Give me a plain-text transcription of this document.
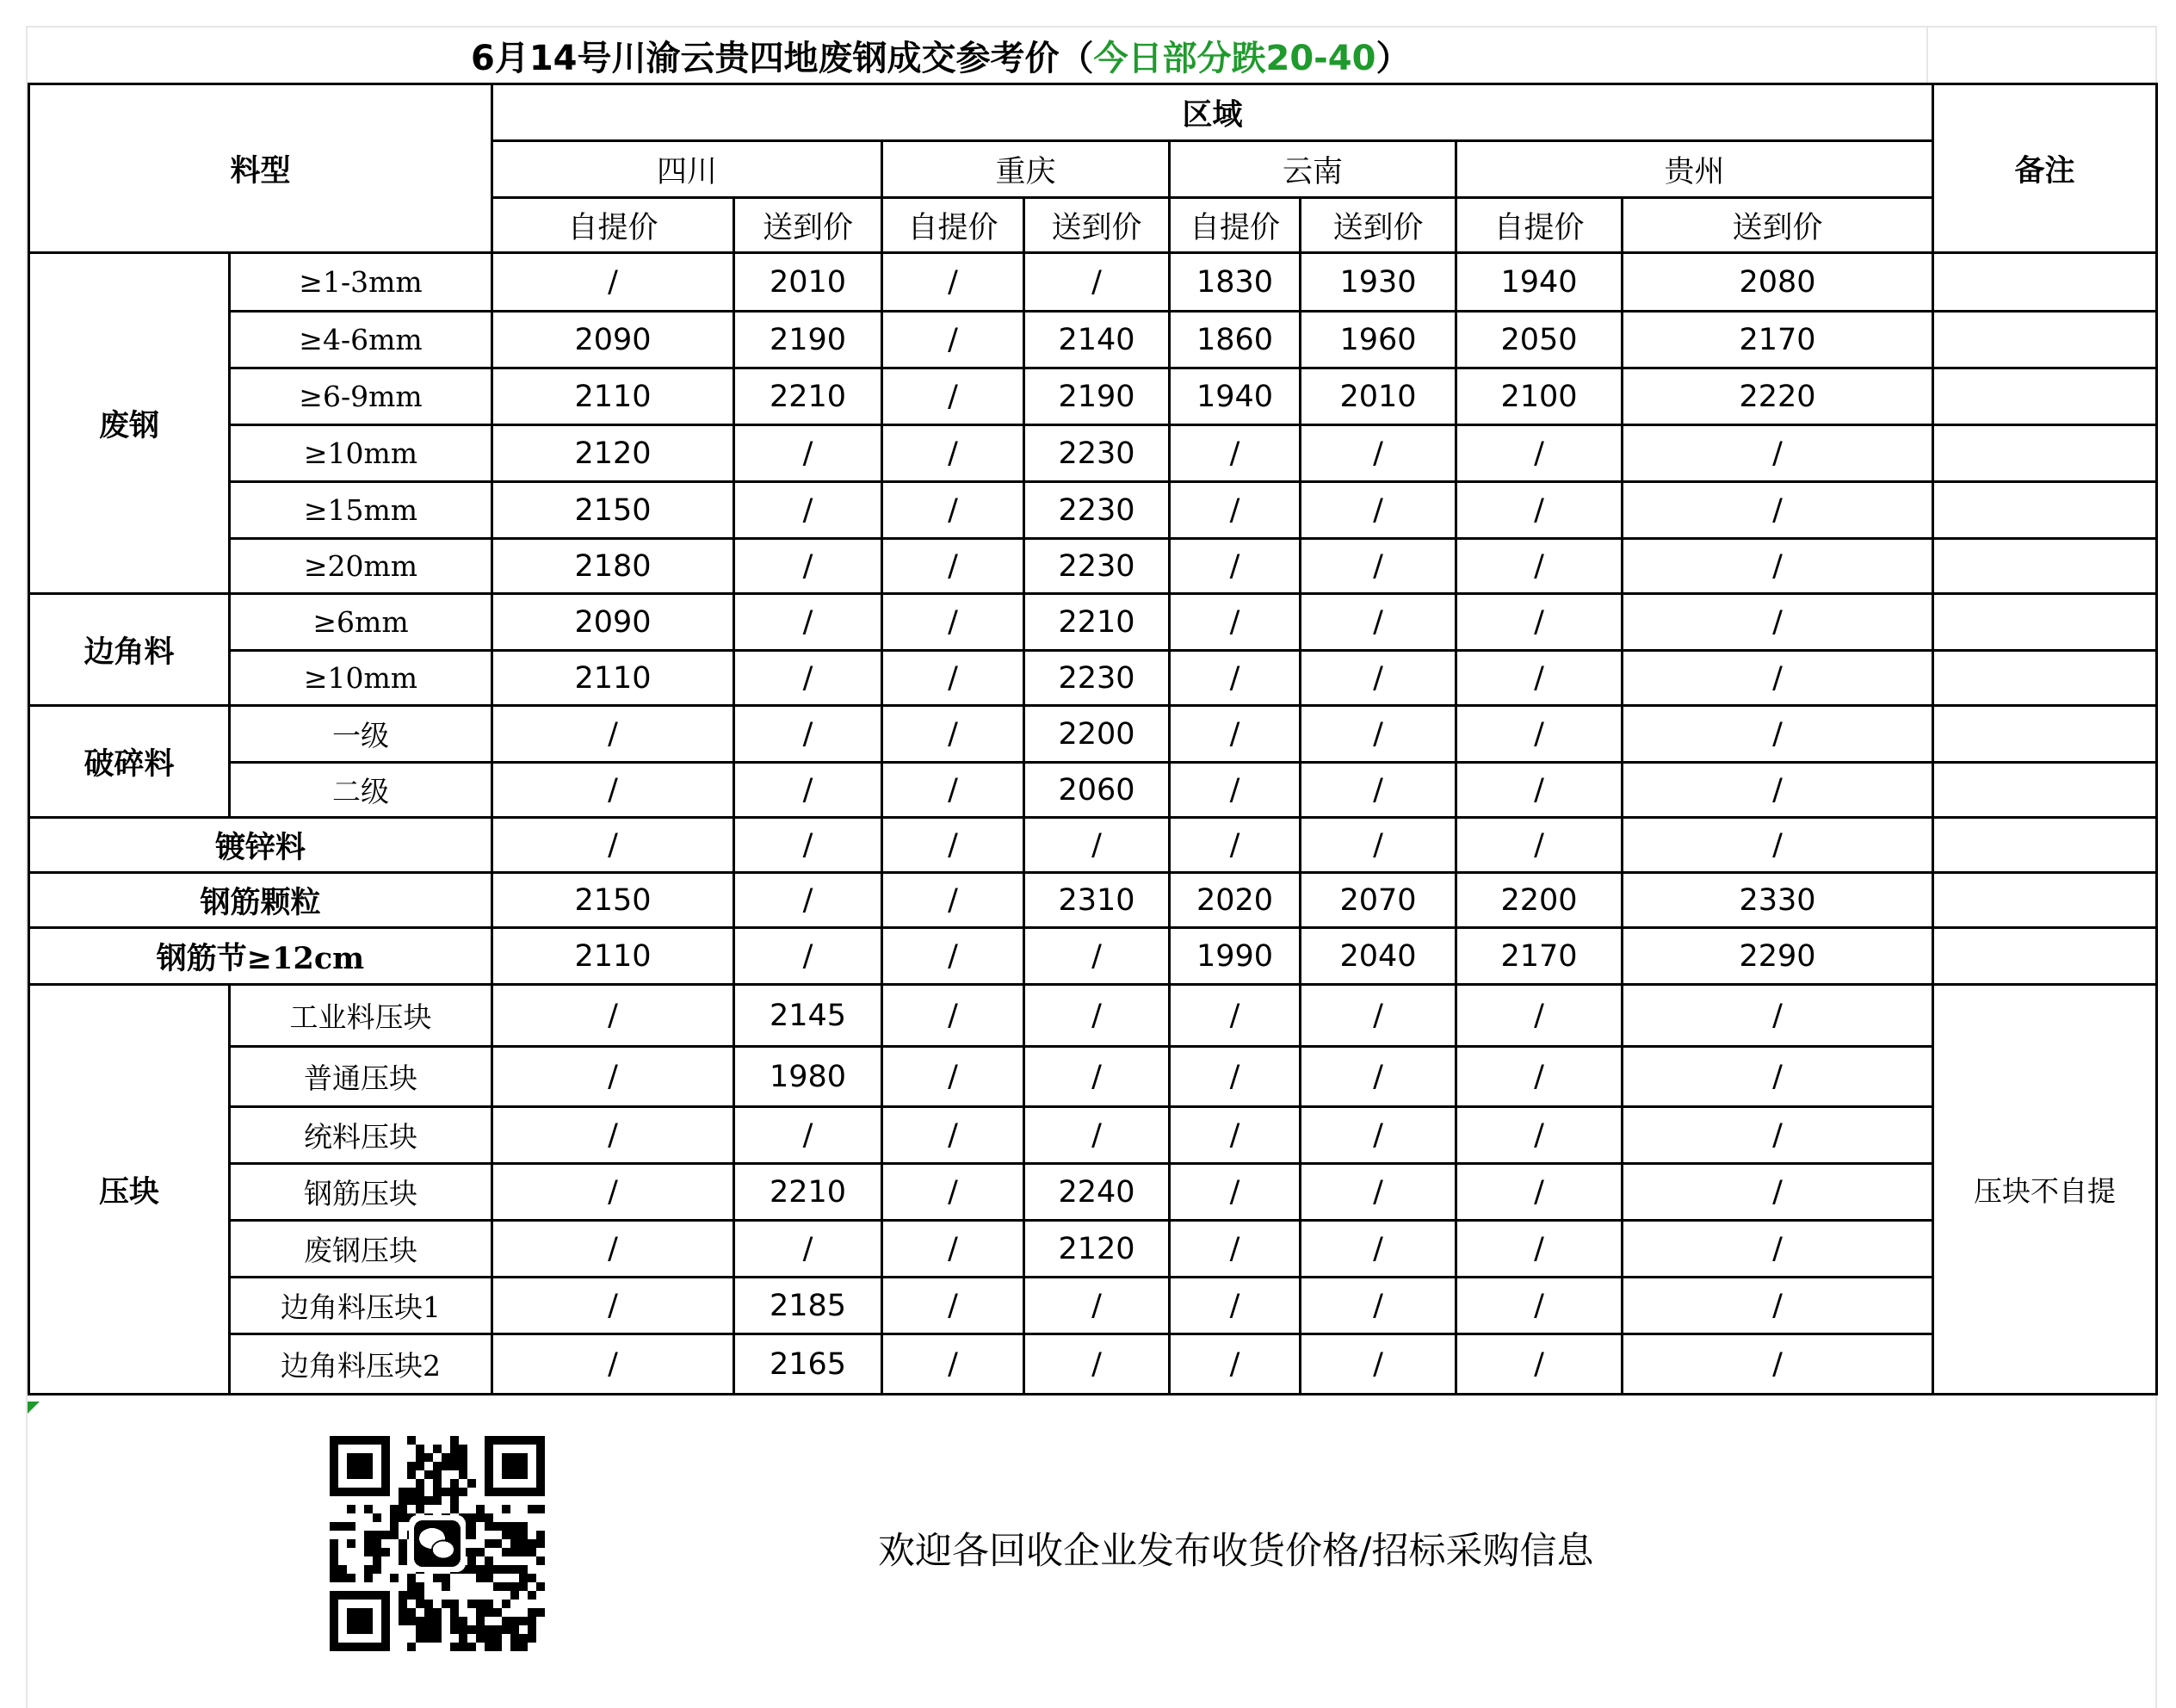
6月14号川渝云贵四地废钢成交参考价（今日部分跌20-40）
料型		区域								备注
		四川		重庆		云南		贵州		
		自提价	送到价	自提价	送到价	自提价	送到价	自提价	送到价	
废钢	≥1-3mm	/	2010	/	/	1830	1930	1940	2080	
	≥4-6mm	2090	2190	/	2140	1860	1960	2050	2170	
	≥6-9mm	2110	2210	/	2190	1940	2010	2100	2220	
	≥10mm	2120	/	/	2230	/	/	/	/	
	≥15mm	2150	/	/	2230	/	/	/	/	
	≥20mm	2180	/	/	2230	/	/	/	/	
边角料	≥6mm	2090	/	/	2210	/	/	/	/	
	≥10mm	2110	/	/	2230	/	/	/	/	
破碎料	一级	/	/	/	2200	/	/	/	/	
	二级	/	/	/	2060	/	/	/	/	
镀锌料		/	/	/	/	/	/	/	/	
钢筋颗粒		2150	/	/	2310	2020	2070	2200	2330	
钢筋节≥12cm		2110	/	/	/	1990	2040	2170	2290	
压块	工业料压块	/	2145	/	/	/	/	/	/	压块不自提
	普通压块	/	1980	/	/	/	/	/	/	
	统料压块	/	/	/	/	/	/	/	/	
	钢筋压块	/	2210	/	2240	/	/	/	/	
	废钢压块	/	/	/	2120	/	/	/	/	
	边角料压块1	/	2185	/	/	/	/	/	/	
	边角料压块2	/	2165	/	/	/	/	/	/	
欢迎各回收企业发布收货价格/招标采购信息
